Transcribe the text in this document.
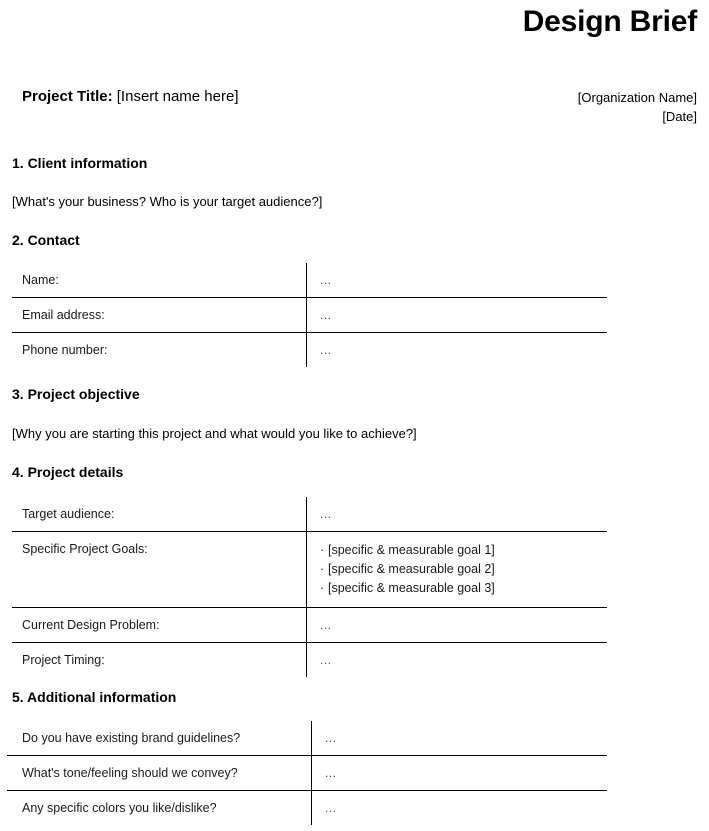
Design Brief
Project Title: [Insert name here]	[Organization Name]
[Date]
1. Client information
[What's your business? Who is your target audience?]
2. Contact
Name:	...
Email address:	...
Phone number:	...
3. Project objective
[Why you are starting this project and what would you like to achieve?]
4. Project details
Target audience:	...
Specific Project Goals:	· [specific & measurable goal 1]
· [specific & measurable goal 2]
· [specific & measurable goal 3]

Current Design Problem:	...
Project Timing:	...
5. Additional information
Do you have existing brand guidelines?	...
What's tone/feeling should we convey?	...
Any specific colors you like/dislike?	...
